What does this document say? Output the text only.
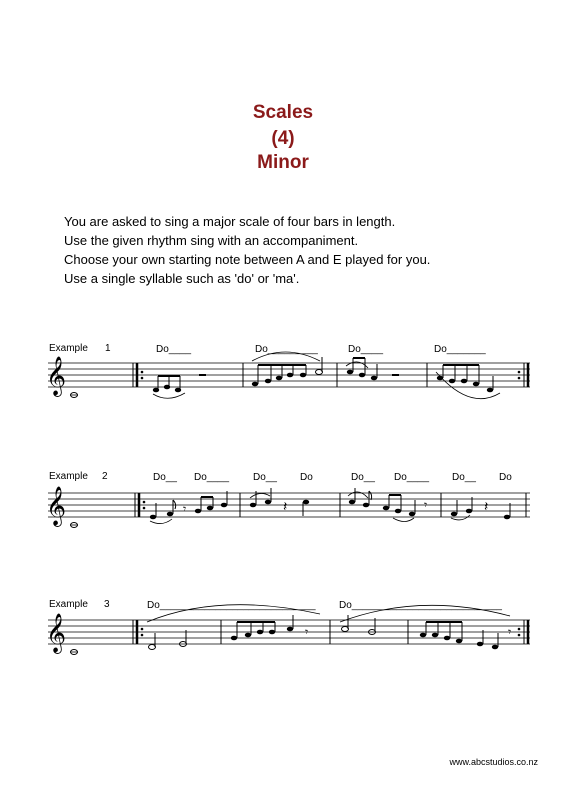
Scales
(4)
Minor
You are asked to sing a major scale of four bars in length.
Use the given rhythm sing with an accompaniment.
Choose your own starting note between A and E played for you.
Use a single syllable such as 'do' or 'ma'.
Example 1	Do____	Do_________	Do____	Do_______
𝄞
Example 2	Do__ Do____ Do__ Do	Do__ Do____ Do__ Do
𝄞	𝄾	𝄽	𝄾	𝄽
Example 3	Do____________________________ Do___________________________
𝄞	𝄾	𝄾
www.abcstudios.co.nz
